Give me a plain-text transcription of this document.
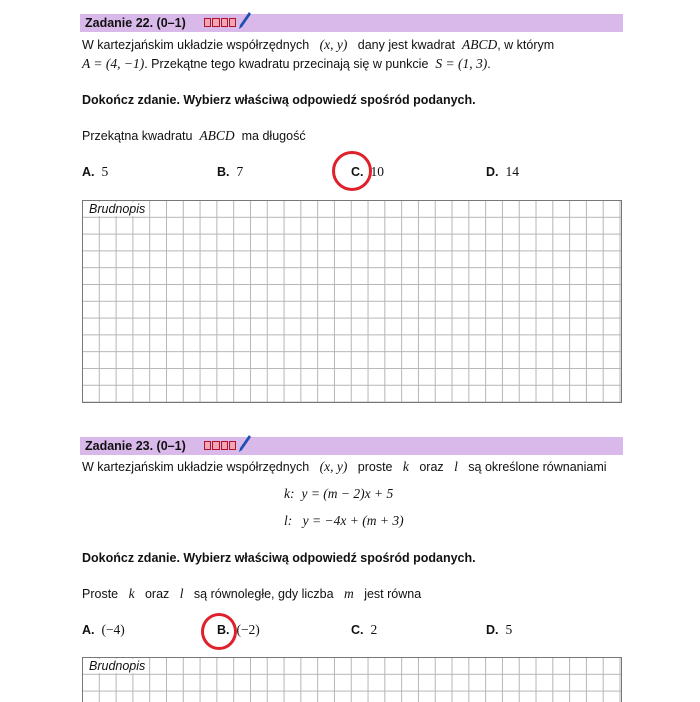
Zadanie 22. (0–1)
W kartezjańskim układzie współrzędnych (x, y) dany jest kwadrat ABCD, w którym
A = (4, −1). Przekątne tego kwadratu przecinają się w punkcie S = (1, 3).
Dokończ zdanie. Wybierz właściwą odpowiedź spośród podanych.
Przekątna kwadratu ABCD ma długość
A. 5	B. 7	C. 10	D. 14
Brudnopis
Zadanie 23. (0–1)
W kartezjańskim układzie współrzędnych (x, y) proste k oraz l są określone równaniami
k: y = (m − 2)x + 5
l: y = −4x + (m + 3)
Dokończ zdanie. Wybierz właściwą odpowiedź spośród podanych.
Proste k oraz l są równoległe, gdy liczba m jest równa
A. (−4)	B. (−2)	C. 2	D. 5
Brudnopis
